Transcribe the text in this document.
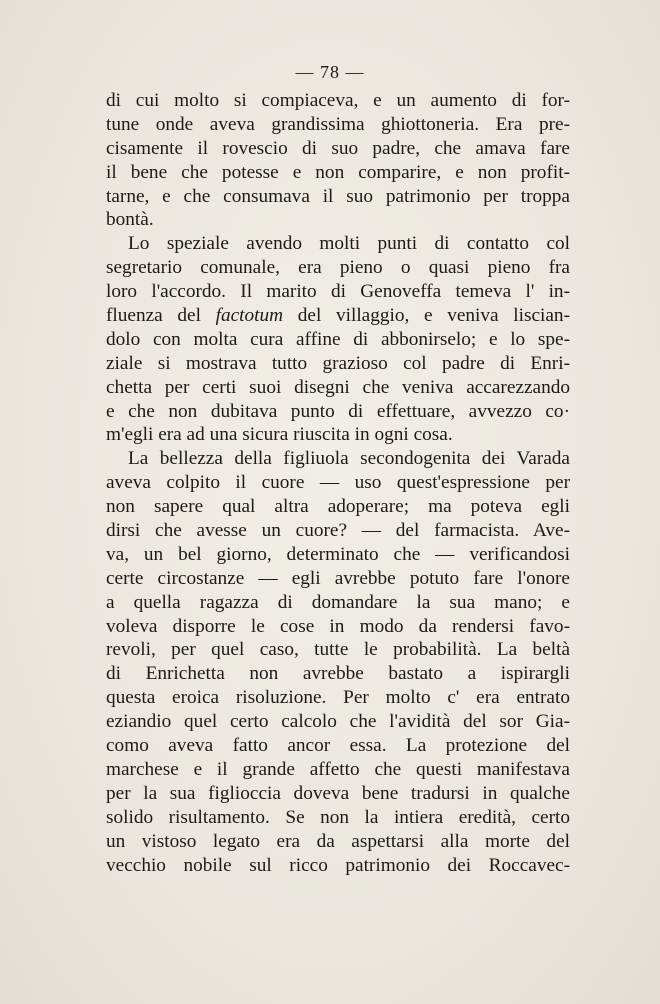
— 78 —
di cui molto si compiaceva, e un aumento di for-
tune onde aveva grandissima ghiottoneria. Era pre-
cisamente il rovescio di suo padre, che amava fare
il bene che potesse e non comparire, e non profit-
tarne, e che consumava il suo patrimonio per troppa
bontà.
Lo speziale avendo molti punti di contatto col
segretario comunale, era pieno o quasi pieno fra
loro l'accordo. Il marito di Genoveffa temeva l' in-
fluenza del factotum del villaggio, e veniva liscian-
dolo con molta cura affine di abbonirselo; e lo spe-
ziale si mostrava tutto grazioso col padre di Enri-
chetta per certi suoi disegni che veniva accarezzando
e che non dubitava punto di effettuare, avvezzo co·
m'egli era ad una sicura riuscita in ogni cosa.
La bellezza della figliuola secondogenita dei Varada
aveva colpito il cuore — uso quest'espressione per
non sapere qual altra adoperare; ma poteva egli
dirsi che avesse un cuore? — del farmacista. Ave-
va, un bel giorno, determinato che — verificandosi
certe circostanze — egli avrebbe potuto fare l'onore
a quella ragazza di domandare la sua mano; e
voleva disporre le cose in modo da rendersi favo-
revoli, per quel caso, tutte le probabilità. La beltà
di Enrichetta non avrebbe bastato a ispirargli
questa eroica risoluzione. Per molto c' era entrato
eziandio quel certo calcolo che l'avidità del sor Gia-
como aveva fatto ancor essa. La protezione del
marchese e il grande affetto che questi manifestava
per la sua figlioccia doveva bene tradursi in qualche
solido risultamento. Se non la intiera eredità, certo
un vistoso legato era da aspettarsi alla morte del
vecchio nobile sul ricco patrimonio dei Roccavec-
